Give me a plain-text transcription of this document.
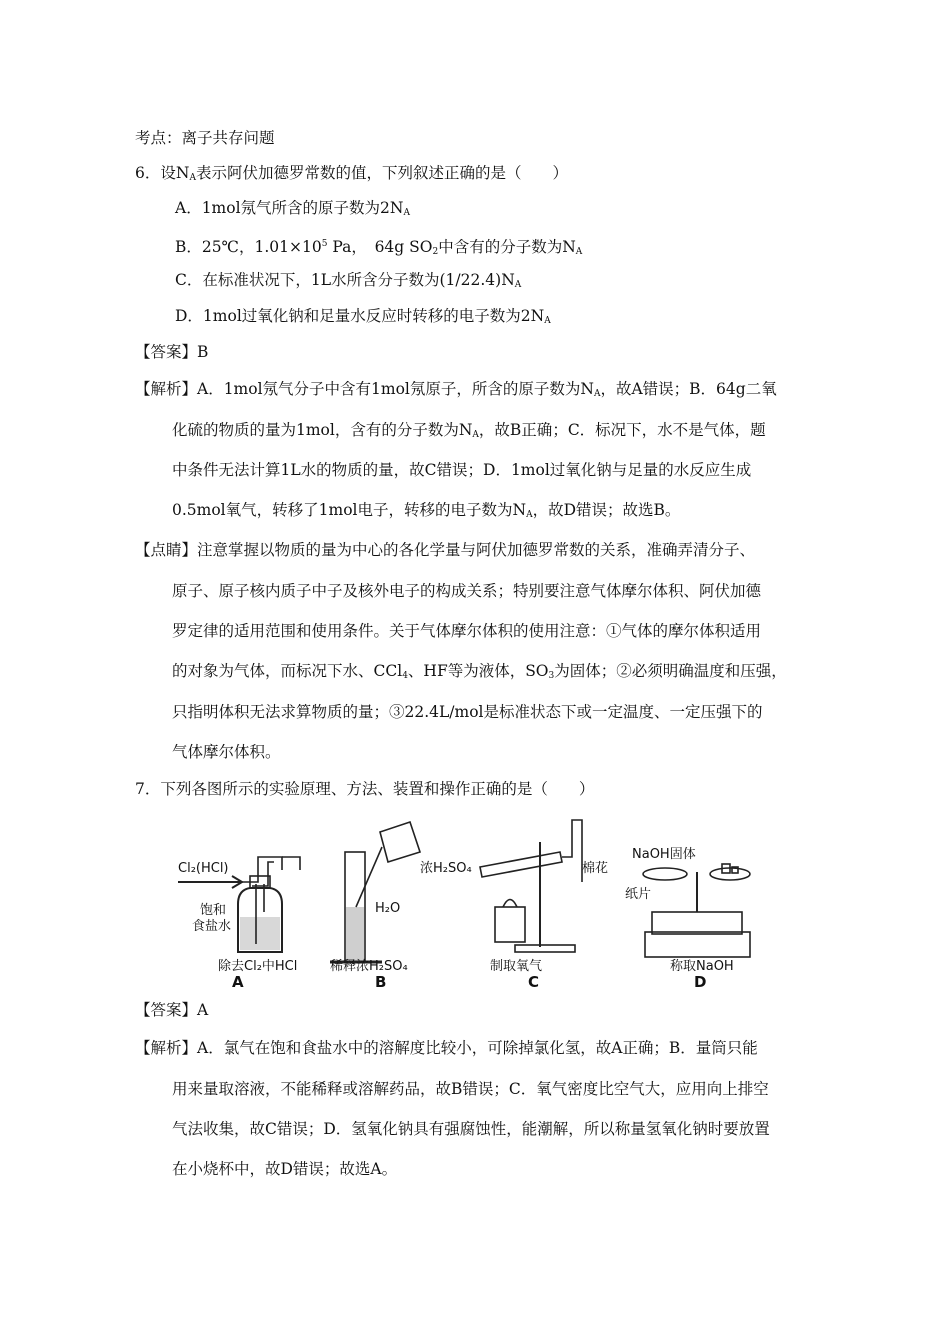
考点：离子共存问题
6．设$N_A$表示阿伏加德罗常数的值，下列叙述正确的是（　　）
A．1mol氖气所含的原子数为$2N_A$
B．25℃，$1.01\times 10^5$ Pa，　64g $SO_2$中含有的分子数为$N_A$
C．在标准状况下，1L水所含分子数为$(1/22.4)N_A$
D．1mol过氧化钠和足量水反应时转移的电子数为$2N_A$
【答案】B
【解析】A．1mol氖气分子中含有1mol氖原子，所含的原子数为$N_A$，故A错误；B．64g二氧
化硫的物质的量为1mol，含有的分子数为$N_A$，故B正确；C．标况下，水不是气体，题
中条件无法计算1L水的物质的量，故C错误；D．1mol过氧化钠与足量的水反应生成
0.5mol氧气，转移了1mol电子，转移的电子数为$N_A$，故D错误；故选B。
【点睛】注意掌握以物质的量为中心的各化学量与阿伏加德罗常数的关系，准确弄清分子、
原子、原子核内质子中子及核外电子的构成关系；特别要注意气体摩尔体积、阿伏加德
罗定律的适用范围和使用条件。关于气体摩尔体积的使用注意：①气体的摩尔体积适用
的对象为气体，而标况下水、CCl$_4$、HF等为液体，$SO_3$为固体；②必须明确温度和压强，
只指明体积无法求算物质的量；③22.4L/mol是标准状态下或一定温度、一定压强下的
气体摩尔体积。
7．下列各图所示的实验原理、方法、装置和操作正确的是（　　）
Cl₂(HCl)
饱和
食盐水
除去Cl₂中HCl
A
浓H₂SO₄
H₂O
稀释浓H₂SO₄
B
棉花
制取氧气
C
NaOH固体
纸片
称取NaOH
D
【答案】A
【解析】A．氯气在饱和食盐水中的溶解度比较小，可除掉氯化氢，故A正确；B．量筒只能
用来量取溶液，不能稀释或溶解药品，故B错误；C．氧气密度比空气大，应用向上排空
气法收集，故C错误；D．氢氧化钠具有强腐蚀性，能潮解，所以称量氢氧化钠时要放置
在小烧杯中，故D错误；故选A。
